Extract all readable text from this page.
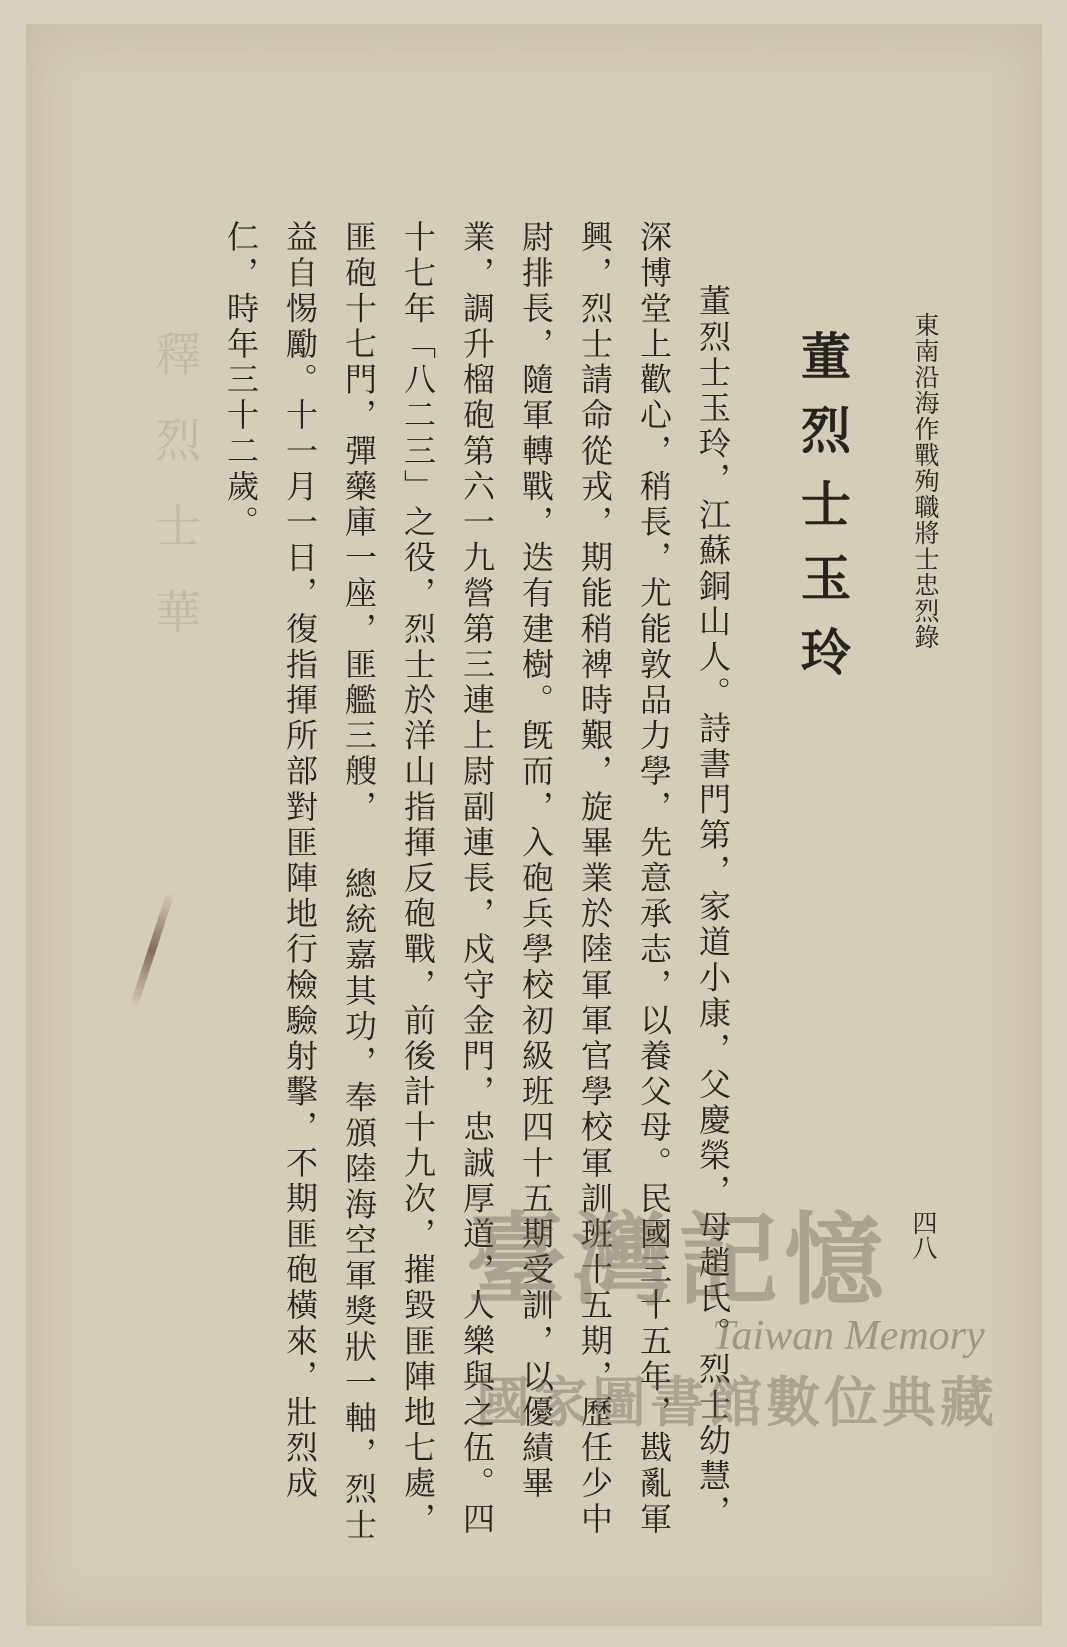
釋烈士華	東南沿海作戰殉職將士忠烈錄
董烈士玉玲

董烈士玉玲，江蘇銅山人。詩書門第，家道小康，父慶榮，母趙氏。烈士幼慧，深博堂上歡心，稍長，尤能敦品力學，先意承志，以養父母。民國三十五年，戡亂軍興，烈士請命從戎，期能稍裨時艱，旋畢業於陸軍軍官學校軍訓班十五期，歷任少中尉排長，隨軍轉戰，迭有建樹。旣而，入砲兵學校初級班四十五期受訓，以優績畢業，調升榴砲第六一九營第三連上尉副連長，戍守金門，忠誠厚道，人樂與之伍。四十七年「八二三」之役，烈士於洋山指揮反砲戰，前後計十九次，摧毀匪陣地七處，匪砲十七門，彈藥庫一座，匪艦三艘， 總統嘉其功，奉頒陸海空軍獎狀一軸，烈士益自惕勵。十一月一日，復指揮所部對匪陣地行檢驗射擊，不期匪砲橫來，壯烈成仁，時年三十二歲。

四八
臺灣記憶
Taiwan Memory
國家圖書館數位典藏
